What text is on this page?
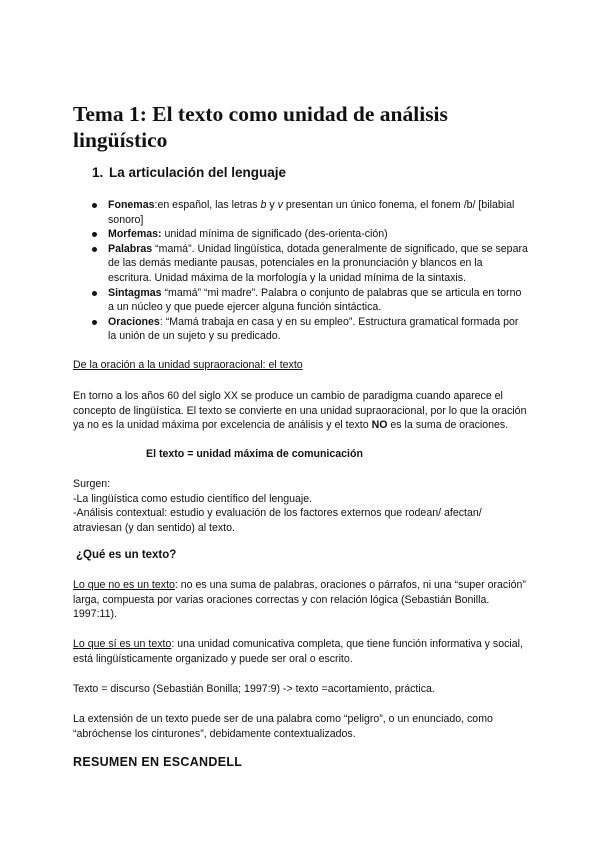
Tema 1: El texto como unidad de análisis lingüístico
1. La articulación del lenguaje
Fonemas:en español, las letras b y v presentan un único fonema, el fonem /b/ [bilabial sonoro]
Morfemas: unidad mínima de significado (des-orienta-ción)
Palabras “mamá”. Unidad lingüística, dotada generalmente de significado, que se separa de las demás mediante pausas, potenciales en la pronunciación y blancos en la escritura. Unidad máxima de la morfología y la unidad mínima de la sintaxis.
Sintagmas “mamá” “mi madre”. Palabra o conjunto de palabras que se articula en torno a un núcleo y que puede ejercer alguna función sintáctica.
Oraciones: “Mamá trabaja en casa y en su empleo”. Estructura gramatical formada por la unión de un sujeto y su predicado.
De la oración a la unidad supraoracional: el texto

En torno a los años 60 del siglo XX se produce un cambio de paradigma cuando aparece el concepto de lingüística. El texto se convierte en una unidad supraoracional, por lo que la oración ya no es la unidad máxima por excelencia de análisis y el texto NO es la suma de oraciones.

El texto = unidad máxima de comunicación
Surgen:
-La lingüística como estudio científico del lenguaje.
-Análisis contextual: estudio y evaluación de los factores externos que rodean/ afectan/ atraviesan (y dan sentido) al texto.
¿Qué es un texto?

Lo que no es un texto: no es una suma de palabras, oraciones o párrafos, ni una “super oración” larga, compuesta por varias oraciones correctas y con relación lógica (Sebastián Bonilla. 1997:11).

Lo que sí es un texto: una unidad comunicativa completa, que tiene función informativa y social, está lingüísticamente organizado y puede ser oral o escrito.

Texto = discurso (Sebastián Bonilla; 1997:9) -> texto =acortamiento, práctica.

La extensión de un texto puede ser de una palabra como “peligro”, o un enunciado, como “abróchense los cinturones”, debidamente contextualizados.

RESUMEN EN ESCANDELL
